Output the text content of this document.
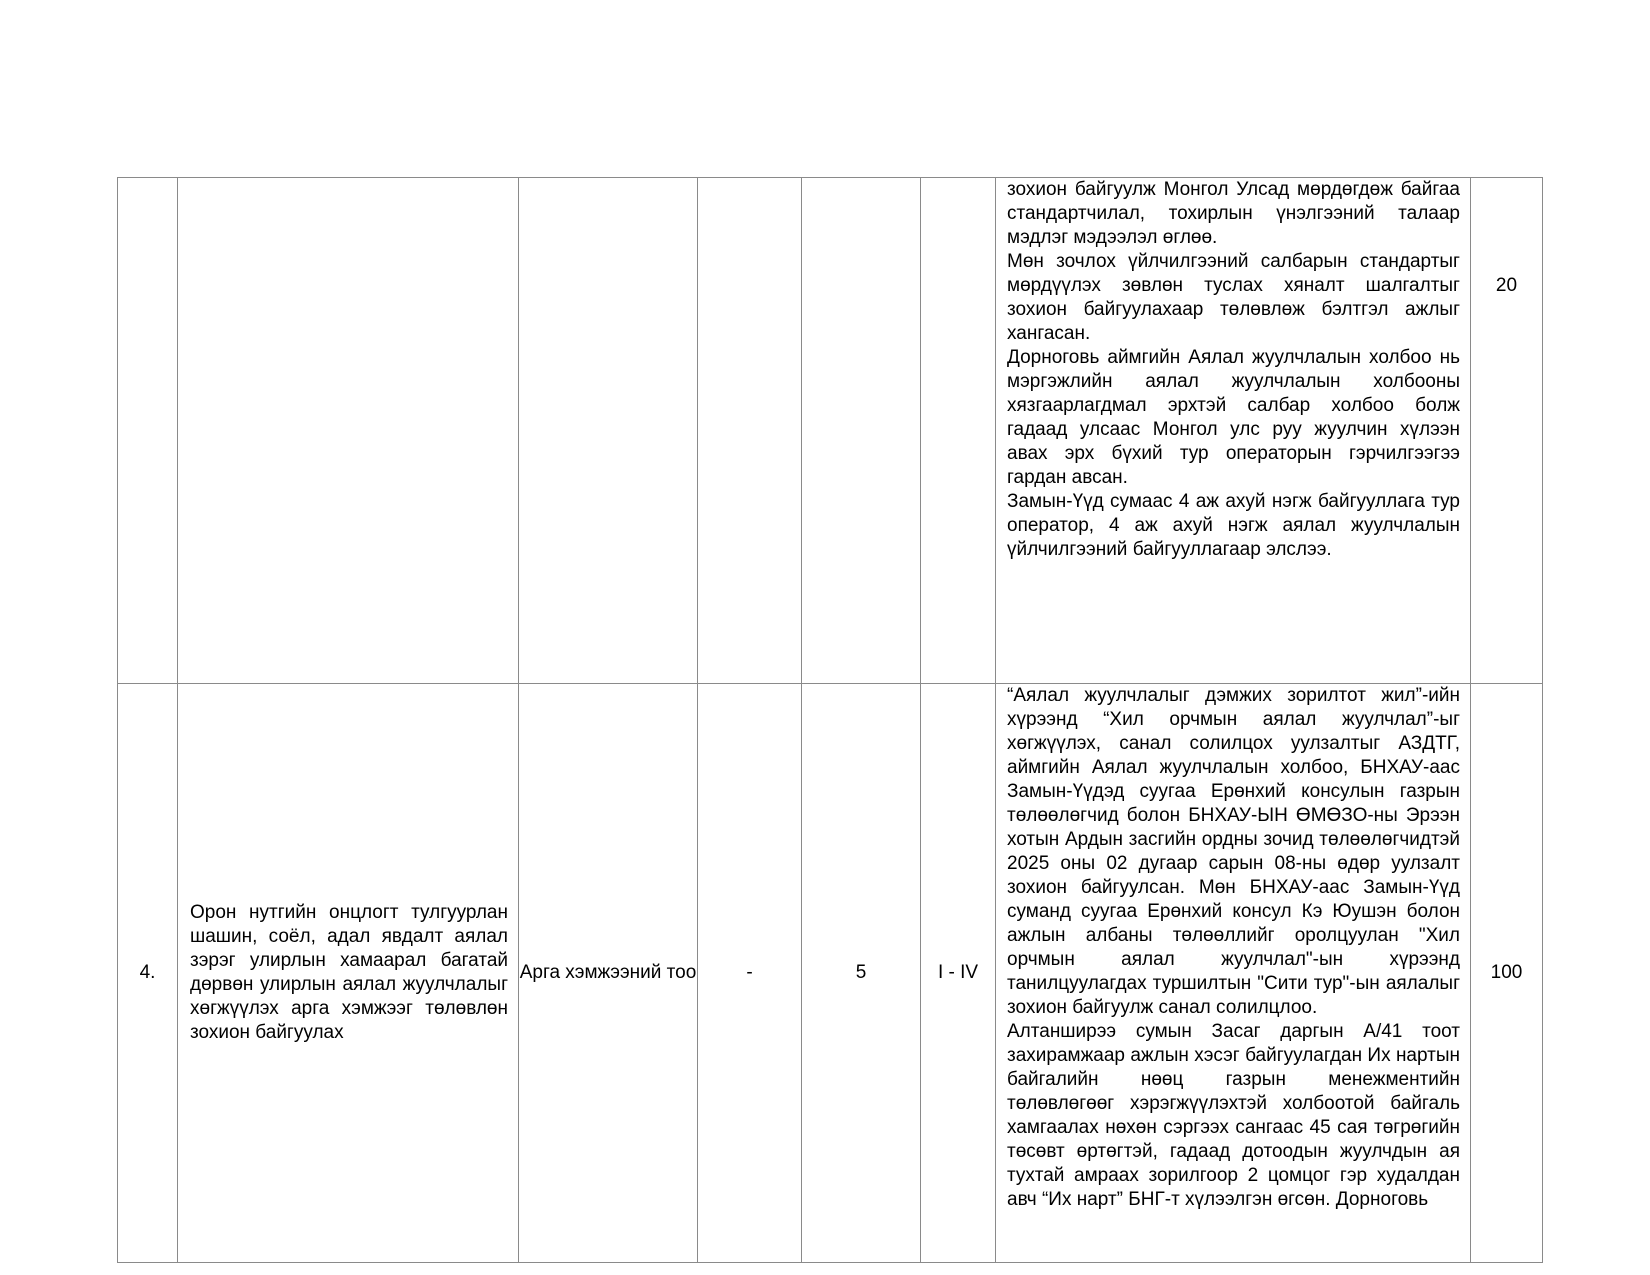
						зохион байгуулж Монгол Улсад мөрдөгдөж байгаа стандартчилал, тохирлын үнэлгээний талаар мэдлэг мэдээлэл өглөө.

Мөн зочлох үйлчилгээний салбарын стандартыг мөрдүүлэх зөвлөн туслах хяналт шалгалтыг зохион байгуулахаар төлөвлөж бэлтгэл ажлыг хангасан.

Дорноговь аймгийн Аялал жуулчлалын холбоо нь мэргэжлийн аялал жуулчлалын холбооны хязгаарлагдмал эрхтэй салбар холбоо болж гадаад улсаас Монгол улс руу жуулчин хүлээн авах эрх бүхий тур операторын гэрчилгээгээ гардан авсан.

Замын-Үүд сумаас 4 аж ахуй нэгж байгууллага тур оператор, 4 аж ахуй нэгж аялал жуулчлалын үйлчилгээний байгууллагаар элслээ.	20
4.	Орон нутгийн онцлогт тулгуурлан шашин, соёл, адал явдалт аялал зэрэг улирлын хамаарал багатай дөрвөн улирлын аялал жуулчлалыг хөгжүүлэх арга хэмжээг төлөвлөн зохион байгуулах	Арга хэмжээний тоо	-	5	I - IV	“Аялал жуулчлалыг дэмжих зорилтот жил”-ийн хүрээнд “Хил орчмын аялал жуулчлал”-ыг хөгжүүлэх, санал солилцох уулзалтыг АЗДТГ, аймгийн Аялал жуулчлалын холбоо, БНХАУ-аас Замын-Үүдэд суугаа Ерөнхий консулын газрын төлөөлөгчид болон БНХАУ-ЫН ӨМӨЗО-ны Эрээн хотын Ардын засгийн ордны зочид төлөөлөгчидтэй 2025 оны 02 дугаар сарын 08-ны өдөр уулзалт зохион байгуулсан. Мөн БНХАУ-аас Замын-Үүд суманд суугаа Ерөнхий консул Кэ Юушэн болон ажлын албаны төлөөллийг оролцуулан "Хил орчмын аялал жуулчлал"-ын хүрээнд танилцуулагдах туршилтын "Сити тур"-ын аялалыг зохион байгуулж санал солилцлоо.

Алтанширээ сумын Засаг даргын А/41 тоот захирамжаар ажлын хэсэг байгуулагдан Их нартын байгалийн нөөц газрын менежментийн төлөвлөгөөг хэрэгжүүлэхтэй холбоотой байгаль хамгаалах нөхөн сэргээх сангаас 45 сая төгрөгийн төсөвт өртөгтэй, гадаад дотоодын жуулчдын ая тухтай амраах зорилгоор 2 цомцог гэр худалдан авч “Их нарт” БНГ-т хүлээлгэн өгсөн. Дорноговь	100
